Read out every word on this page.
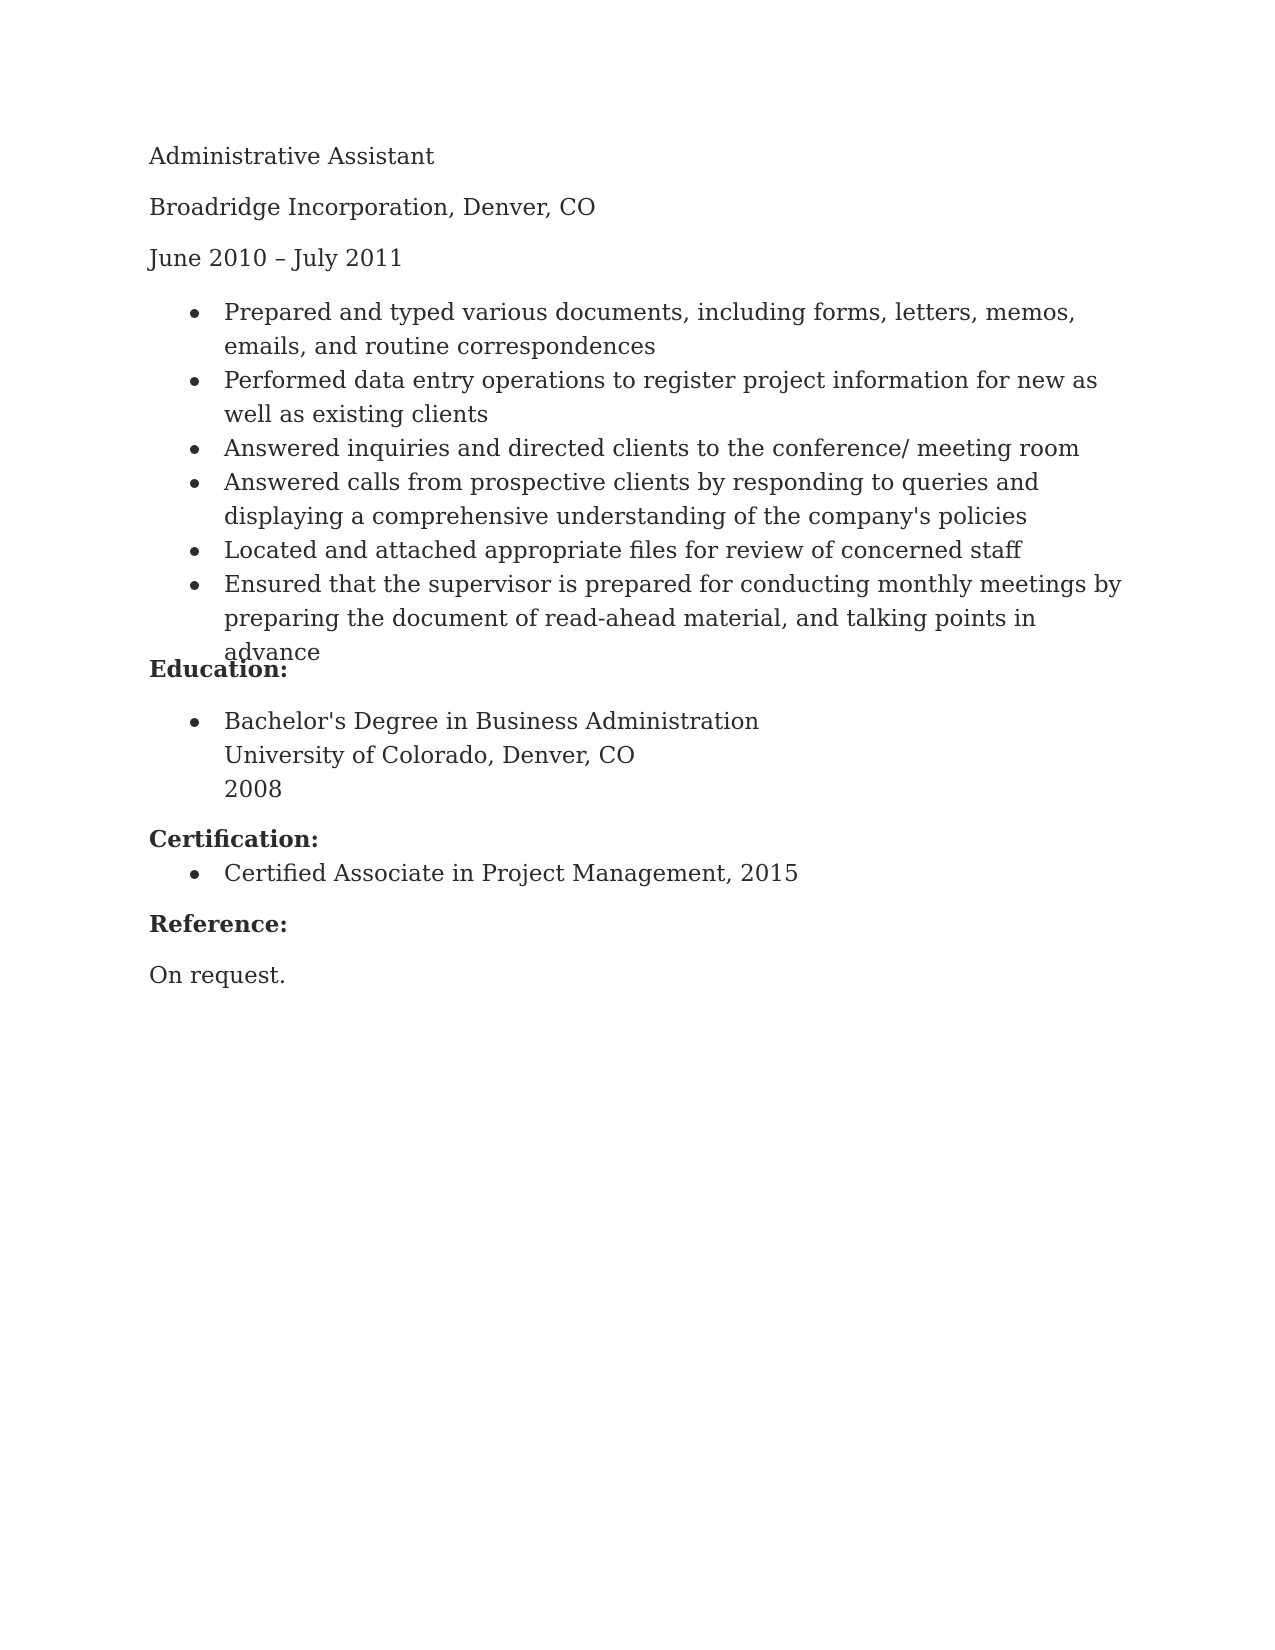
Administrative Assistant

Broadridge Incorporation, Denver, CO

June 2010 – July 2011

Prepared and typed various documents, including forms, letters, memos, emails, and routine correspondences
Performed data entry operations to register project information for new as well as existing clients
Answered inquiries and directed clients to the conference/ meeting room
Answered calls from prospective clients by responding to queries and displaying a comprehensive understanding of the company's policies
Located and attached appropriate files for review of concerned staff
Ensured that the supervisor is prepared for conducting monthly meetings by preparing the document of read-ahead material, and talking points in advance

Education:

Bachelor's Degree in Business Administration
University of Colorado, Denver, CO
2008

Certification:

Certified Associate in Project Management, 2015

Reference:

On request.
